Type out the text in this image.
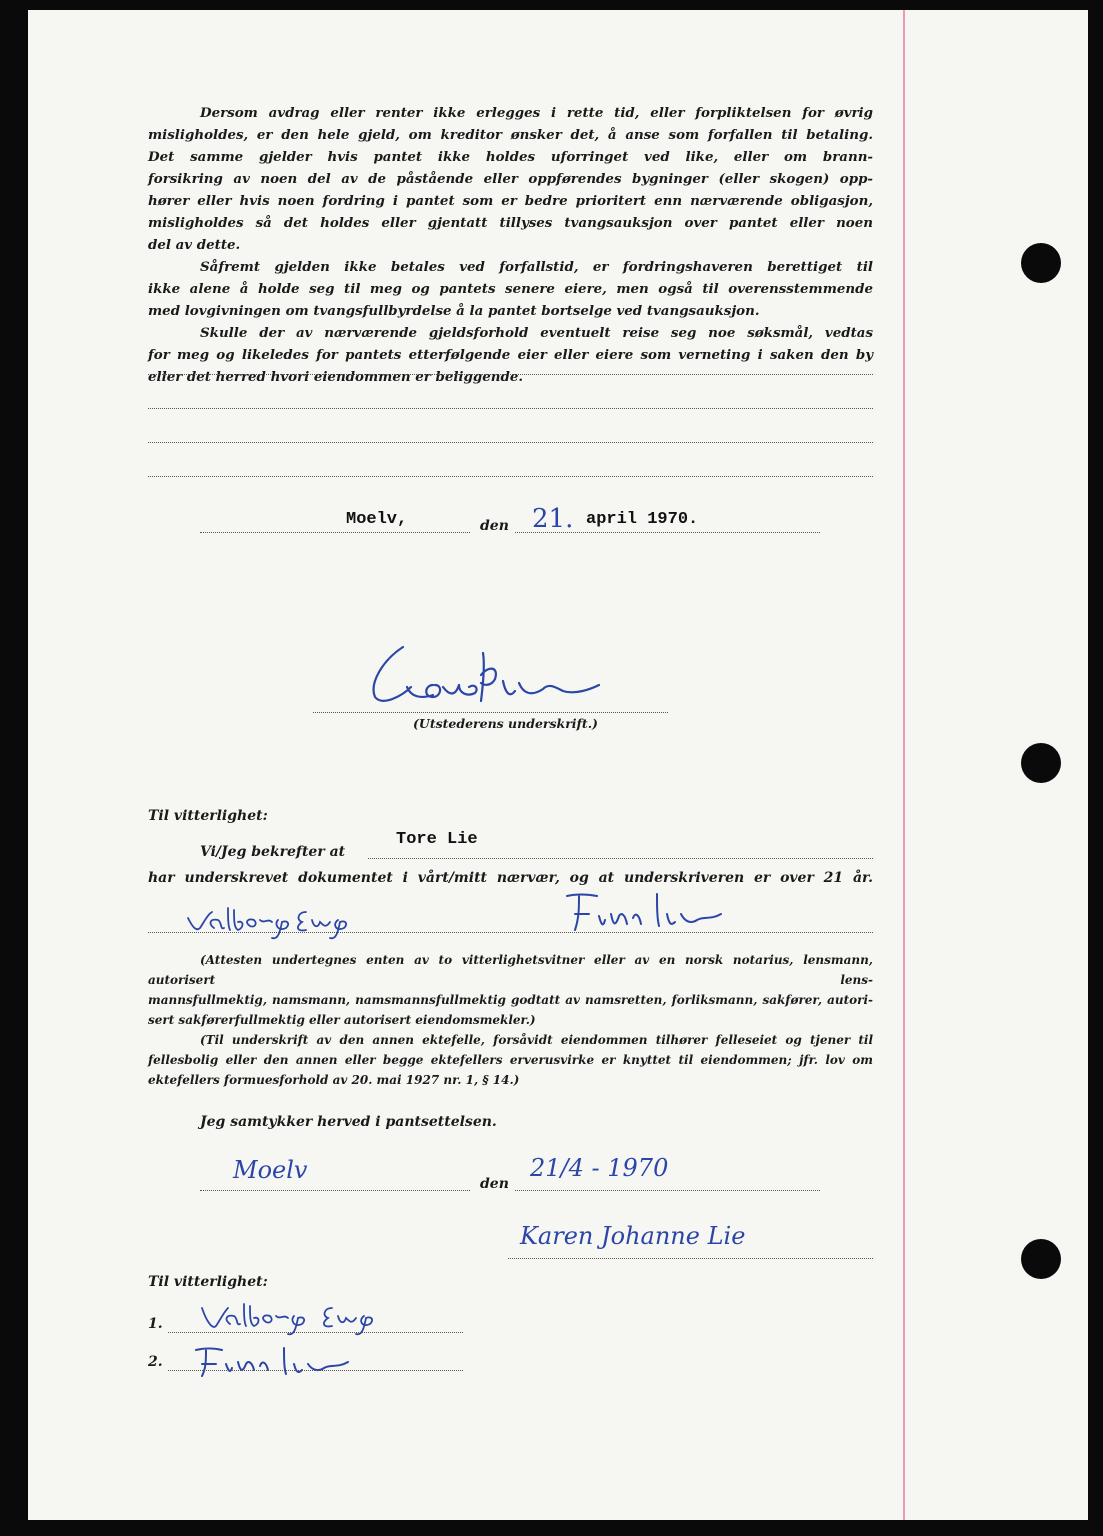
Dersom avdrag eller renter ikke erlegges i rette tid, eller forpliktelsen for øvrig

misligholdes, er den hele gjeld, om kreditor ønsker det, å anse som forfallen til betaling.

Det samme gjelder hvis pantet ikke holdes uforringet ved like, eller om brann-

forsikring av noen del av de påstående eller oppførendes bygninger (eller skogen) opp-

hører eller hvis noen fordring i pantet som er bedre prioritert enn nærværende obligasjon,

misligholdes så det holdes eller gjentatt tillyses tvangsauksjon over pantet eller noen

del av dette.

Såfremt gjelden ikke betales ved forfallstid, er fordringshaveren berettiget til

ikke alene å holde seg til meg og pantets senere eiere, men også til overensstemmende

med lovgivningen om tvangsfullbyrdelse å la pantet bortselge ved tvangsauksjon.

Skulle der av nærværende gjeldsforhold eventuelt reise seg noe søksmål, vedtas

for meg og likeledes for pantets etterfølgende eier eller eiere som verneting i saken den by

eller det herred hvori eiendommen er beliggende.

Moelv,	den 21. april 1970.
(Utstederens underskrift.)
Til vitterlighet:
Vi/Jeg bekrefter at
Tore Lie
har underskrevet dokumentet i vårt/mitt nærvær, og at underskriveren er over 21 år.

(Attesten undertegnes enten av to vitterlighetsvitner eller av en norsk notarius, lensmann, autorisert lens-

mannsfullmektig, namsmann, namsmannsfullmektig godtatt av namsretten, forliksmann, sakfører, autori-

sert sakførerfullmektig eller autorisert eiendomsmekler.)

(Til underskrift av den annen ektefelle, forsåvidt eiendommen tilhører felleseiet og tjener til

fellesbolig eller den annen eller begge ektefellers erverusvirke er knyttet til eiendommen; jfr. lov om

ektefellers formuesforhold av 20. mai 1927 nr. 1, § 14.)

Jeg samtykker herved i pantsettelsen.
Moelv	den
21/4 - 1970
Karen Johanne Lie
Til vitterlighet:
1.
2.
